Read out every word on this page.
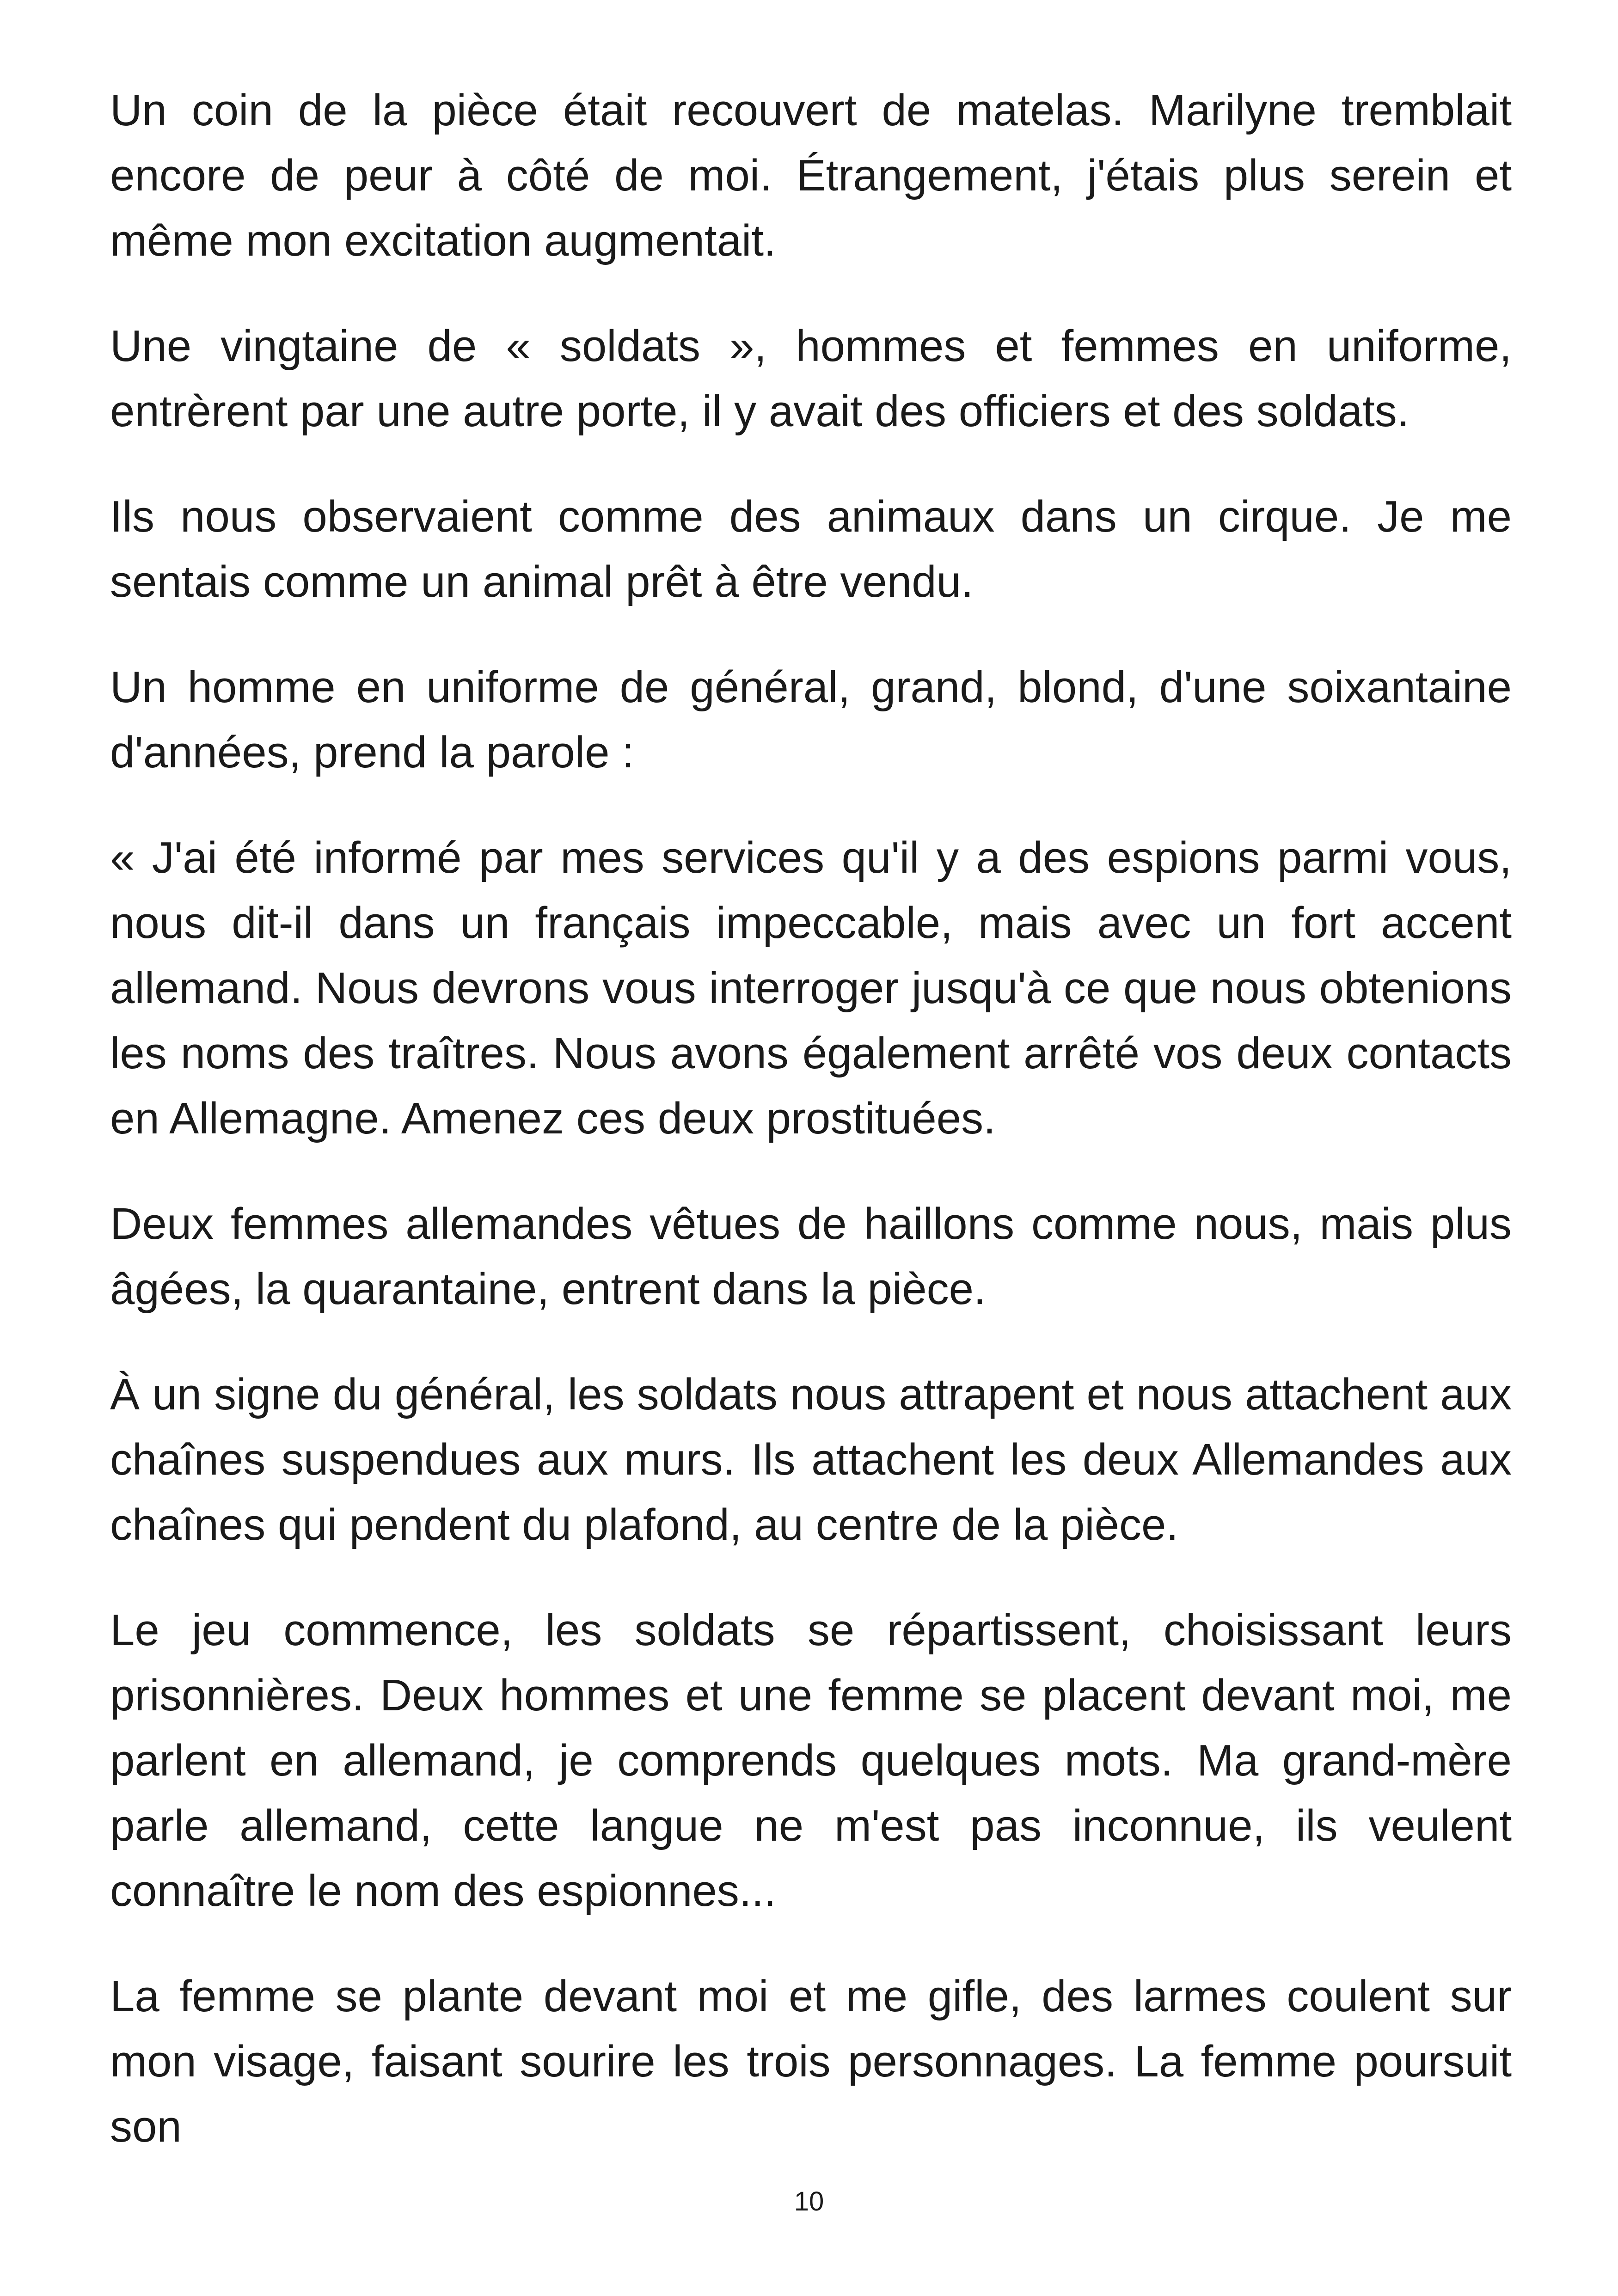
Un coin de la pièce était recouvert de matelas. Marilyne tremblait encore de peur à côté de moi. Étrangement, j'étais plus serein et même mon excitation augmentait.

Une vingtaine de « soldats », hommes et femmes en uniforme, entrèrent par une autre porte, il y avait des officiers et des soldats.

Ils nous observaient comme des animaux dans un cirque. Je me sentais comme un animal prêt à être vendu.

Un homme en uniforme de général, grand, blond, d'une soixantaine d'années, prend la parole :

« J'ai été informé par mes services qu'il y a des espions parmi vous, nous dit-il dans un français impeccable, mais avec un fort accent allemand. Nous devrons vous interroger jusqu'à ce que nous obtenions les noms des traîtres. Nous avons également arrêté vos deux contacts en Allemagne. Amenez ces deux prostituées.

Deux femmes allemandes vêtues de haillons comme nous, mais plus âgées, la quarantaine, entrent dans la pièce.

À un signe du général, les soldats nous attrapent et nous attachent aux chaînes suspendues aux murs. Ils attachent les deux Allemandes aux chaînes qui pendent du plafond, au centre de la pièce.

Le jeu commence, les soldats se répartissent, choisissant leurs prisonnières. Deux hommes et une femme se placent devant moi, me parlent en allemand, je comprends quelques mots. Ma grand-mère parle allemand, cette langue ne m'est pas inconnue, ils veulent connaître le nom des espionnes...

La femme se plante devant moi et me gifle, des larmes coulent sur mon visage, faisant sourire les trois personnages. La femme poursuit son

10
